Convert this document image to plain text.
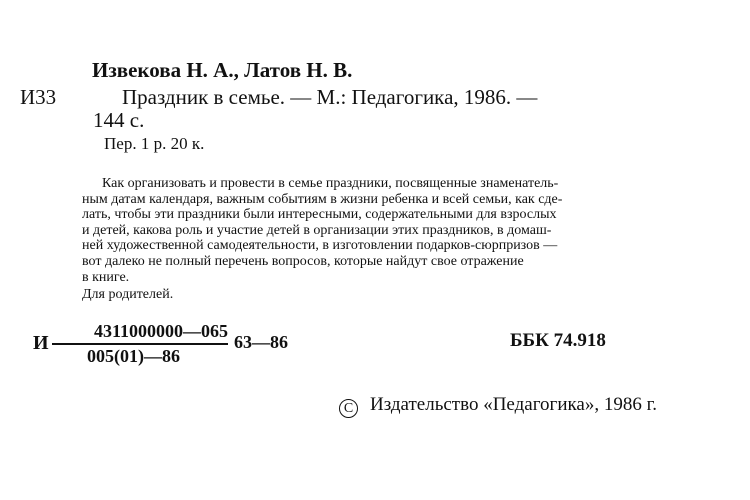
Извекова Н. А., Латов Н. В.
И33	Праздник в семье. — М.: Педагогика, 1986. —
144 с.
Пер. 1 р. 20 к.
Как организовать и провести в семье праздники, посвященные знаменатель-
ным датам календаря, важным событиям в жизни ребенка и всей семьи, как сде-
лать, чтобы эти праздники были интересными, содержательными для взрослых
и детей, какова роль и участие детей в организации этих праздников, в домаш-
ней художественной самодеятельности, в изготовлении подарков-сюрпризов —
вот далеко не полный перечень вопросов, которые найдут свое отражение
в книге.
Для родителей.
И
4311000000—065
005(01)—86
63—86	ББК 74.918
C Издательство «Педагогика», 1986 г.
